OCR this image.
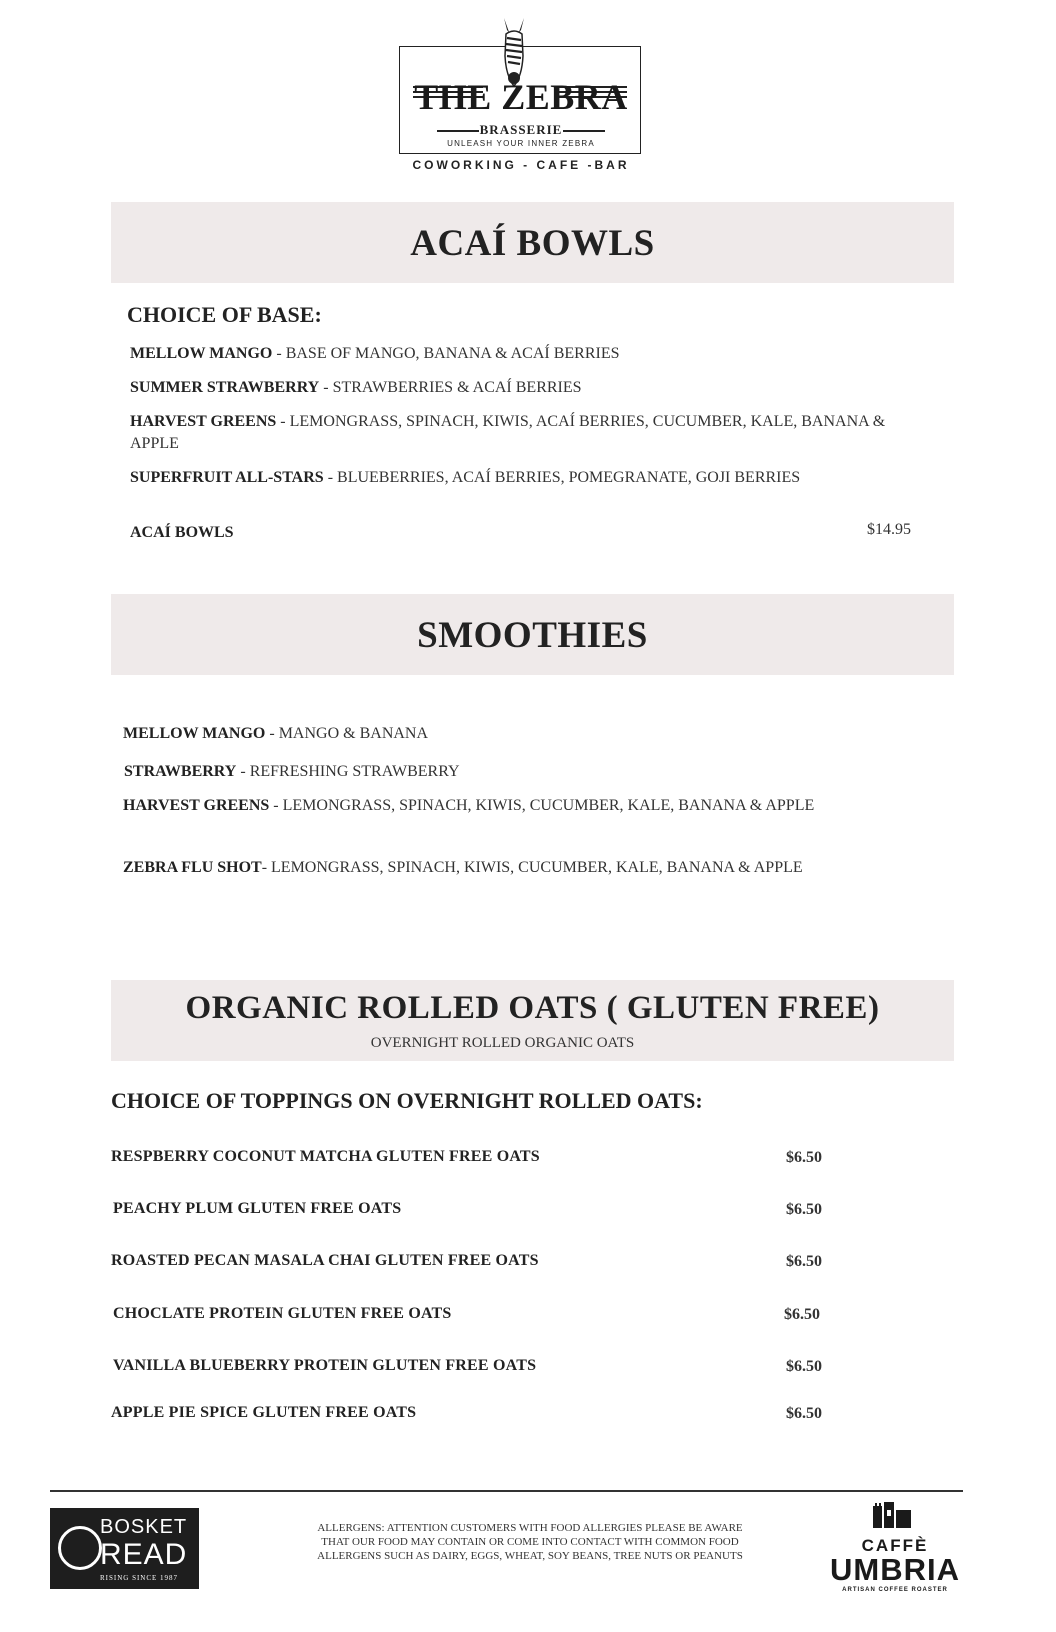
THE ZEBRA
BRASSERIE
UNLEASH YOUR INNER ZEBRA
COWORKING - CAFE -BAR
ACAÍ BOWLS
CHOICE OF BASE:
MELLOW MANGO - BASE OF MANGO, BANANA & ACAÍ BERRIES
SUMMER STRAWBERRY - STRAWBERRIES & ACAÍ BERRIES
HARVEST GREENS - LEMONGRASS, SPINACH, KIWIS, ACAÍ BERRIES, CUCUMBER, KALE, BANANA & APPLE
SUPERFRUIT ALL-STARS - BLUEBERRIES, ACAÍ BERRIES, POMEGRANATE, GOJI BERRIES
ACAÍ BOWLS	$14.95
SMOOTHIES
MELLOW MANGO - MANGO & BANANA
STRAWBERRY - REFRESHING STRAWBERRY
HARVEST GREENS - LEMONGRASS, SPINACH, KIWIS, CUCUMBER, KALE, BANANA & APPLE
ZEBRA FLU SHOT- LEMONGRASS, SPINACH, KIWIS, CUCUMBER, KALE, BANANA & APPLE
ORGANIC ROLLED OATS ( GLUTEN FREE)
OVERNIGHT ROLLED ORGANIC OATS
CHOICE OF TOPPINGS ON OVERNIGHT ROLLED OATS:
RESPBERRY COCONUT MATCHA GLUTEN FREE OATS	$6.50
PEACHY PLUM GLUTEN FREE OATS	$6.50
ROASTED PECAN MASALA CHAI GLUTEN FREE OATS	$6.50
CHOCLATE PROTEIN GLUTEN FREE OATS	$6.50
VANILLA BLUEBERRY PROTEIN GLUTEN FREE OATS	$6.50
APPLE PIE SPICE GLUTEN FREE OATS	$6.50
BOSKET
READ
RISING SINCE 1987
ALLERGENS: ATTENTION CUSTOMERS WITH FOOD ALLERGIES PLEASE BE AWARE
THAT OUR FOOD MAY CONTAIN OR COME INTO CONTACT WITH COMMON FOOD
ALLERGENS SUCH AS DAIRY, EGGS, WHEAT, SOY BEANS, TREE NUTS OR PEANUTS
CAFFÈ
UMBRIA
ARTISAN COFFEE ROASTER
